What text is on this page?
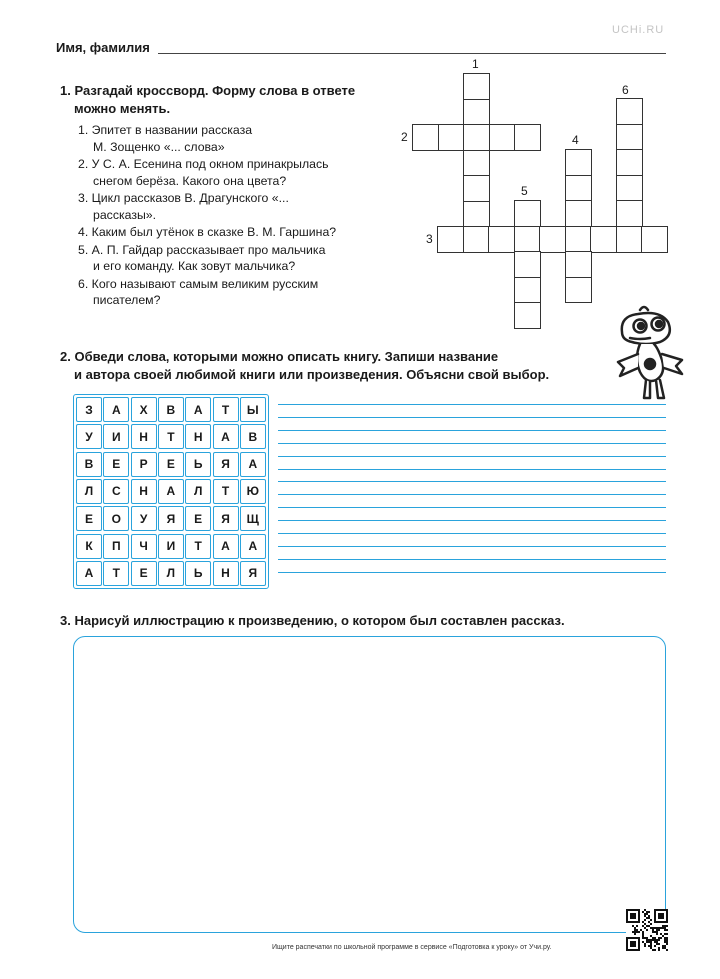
UCHi.RU
Имя, фамилия
1. Разгадай кроссворд. Форму слова в ответе
можно менять.
1. Эпитет в названии рассказа
М. Зощенко «... слова»
2. У С. А. Есенина под окном принакрылась
снегом берёза. Какого она цвета?
3. Цикл рассказов В. Драгунского «...
рассказы».
4. Каким был утёнок в сказке В. М. Гаршина?
5. А. П. Гайдар рассказывает про мальчика
и его команду. Как зовут мальчика?
6. Кого называют самым великим русским
писателем?
1
2
3
4
5
6
2. Обведи слова, которыми можно описать книгу. Запиши название
и автора своей любимой книги или произведения. Объясни свой выбор.
З	А	Х	В	А	Т	Ы
У	И	Н	Т	Н	А	В
В	Е	Р	Е	Ь	Я	А
Л	С	Н	А	Л	Т	Ю
Е	О	У	Я	Е	Я	Щ
К	П	Ч	И	Т	А	А
А	Т	Е	Л	Ь	Н	Я
3. Нарисуй иллюстрацию к произведению, о котором был составлен рассказ.
Ищите распечатки по школьной программе в сервисе «Подготовка к уроку» от Учи.ру.
